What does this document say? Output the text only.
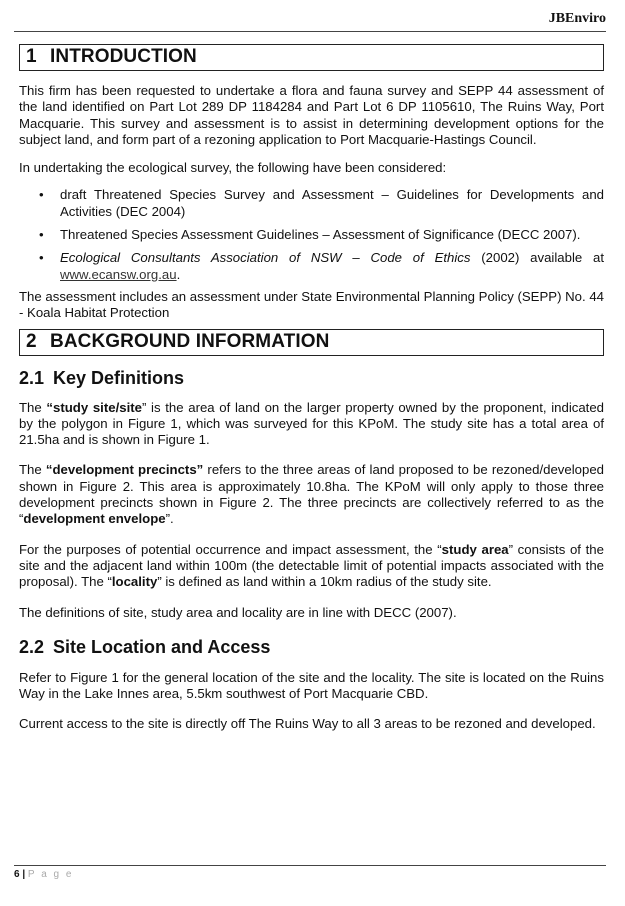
JBEnviro
1 INTRODUCTION

This firm has been requested to undertake a flora and fauna survey and SEPP 44 assessment of the land identified on Part Lot 289 DP 1184284 and Part Lot 6 DP 1105610, The Ruins Way, Port Macquarie. This survey and assessment is to assist in determining development options for the subject land, and form part of a rezoning application to Port Macquarie-Hastings Council.

In undertaking the ecological survey, the following have been considered:

• draft Threatened Species Survey and Assessment – Guidelines for Developments and Activities (DEC 2004)
• Threatened Species Assessment Guidelines – Assessment of Significance (DECC 2007).
• Ecological Consultants Association of NSW – Code of Ethics (2002) available at www.ecansw.org.au.

The assessment includes an assessment under State Environmental Planning Policy (SEPP) No. 44 - Koala Habitat Protection

2 BACKGROUND INFORMATION
2.1 Key Definitions

The “study site/site” is the area of land on the larger property owned by the proponent, indicated by the polygon in Figure 1, which was surveyed for this KPoM. The study site has a total area of 21.5ha and is shown in Figure 1.

The “development precincts” refers to the three areas of land proposed to be rezoned/developed shown in Figure 2. This area is approximately 10.8ha. The KPoM will only apply to those three development precincts shown in Figure 2. The three precincts are collectively referred to as the “development envelope”.

For the purposes of potential occurrence and impact assessment, the “study area” consists of the site and the adjacent land within 100m (the detectable limit of potential impacts associated with the proposal). The “locality” is defined as land within a 10km radius of the study site.

The definitions of site, study area and locality are in line with DECC (2007).

2.2 Site Location and Access

Refer to Figure 1 for the general location of the site and the locality. The site is located on the Ruins Way in the Lake Innes area, 5.5km southwest of Port Macquarie CBD.

Current access to the site is directly off The Ruins Way to all 3 areas to be rezoned and developed.

6 | P a g e
